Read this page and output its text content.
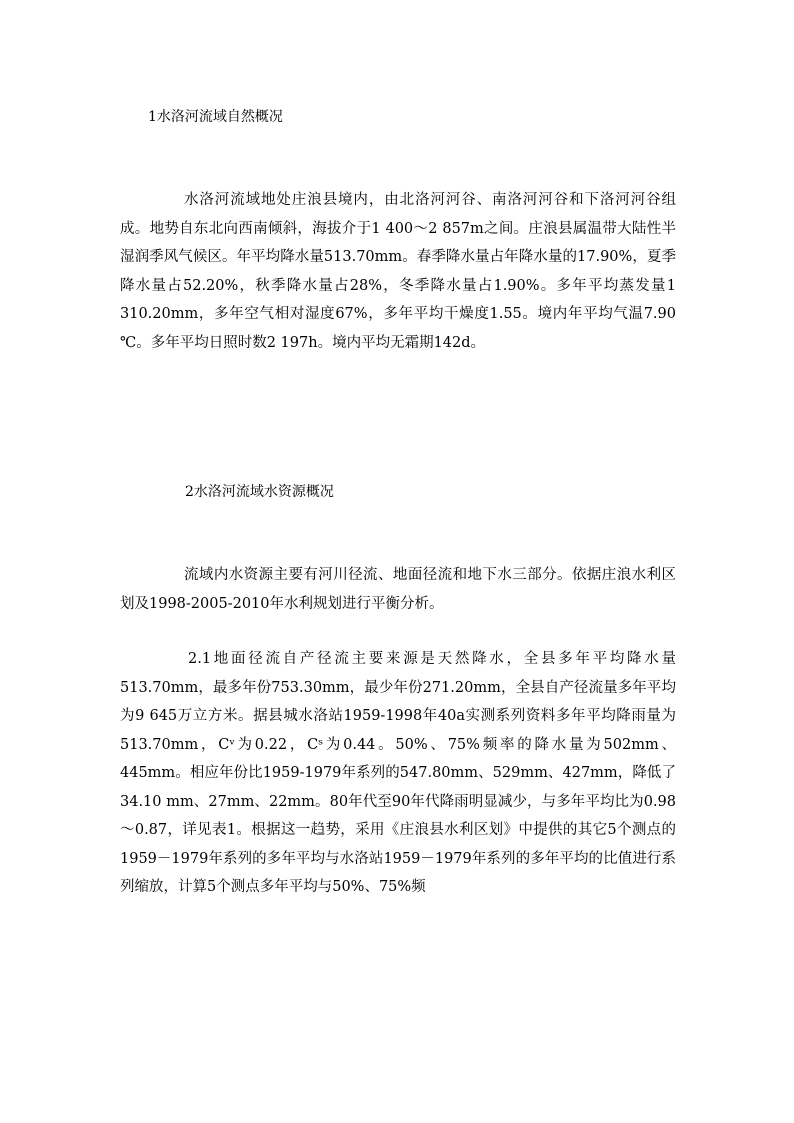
1水洛河流域自然概况

水洛河流域地处庄浪县境内，由北洛河河谷、南洛河河谷和下洛河河谷组成。地势自东北向西南倾斜，海拔介于1 400～2 857m之间。庄浪县属温带大陆性半湿润季风气候区。年平均降水量513.70mm。春季降水量占年降水量的17.90%，夏季降水量占52.20%，秋季降水量占28%，冬季降水量占1.90%。多年平均蒸发量1 310.20mm，多年空气相对湿度67%，多年平均干燥度1.55。境内年平均气温7.90 ℃。多年平均日照时数2 197h。境内平均无霜期142d。

2水洛河流域水资源概况

流域内水资源主要有河川径流、地面径流和地下水三部分。依据庄浪水利区划及1998-2005-2010年水利规划进行平衡分析。

2.1地面径流自产径流主要来源是天然降水，全县多年平均降水量513.70mm，最多年份753.30mm，最少年份271.20mm，全县自产径流量多年平均为9 645万立方米。据县城水洛站1959-1998年40a实测系列资料多年平均降雨量为513.70mm，Cᵛ为0.22，Cˢ为0.44。50%、75%频率的降水量为502mm、445mm。相应年份比1959-1979年系列的547.80mm、529mm、427mm，降低了34.10 mm、27mm、22mm。80年代至90年代降雨明显减少，与多年平均比为0.98～0.87，详见表1。根据这一趋势，采用《庄浪县水利区划》中提供的其它5个测点的1959－1979年系列的多年平均与水洛站1959－1979年系列的多年平均的比值进行系列缩放，计算5个测点多年平均与50%、75%频
